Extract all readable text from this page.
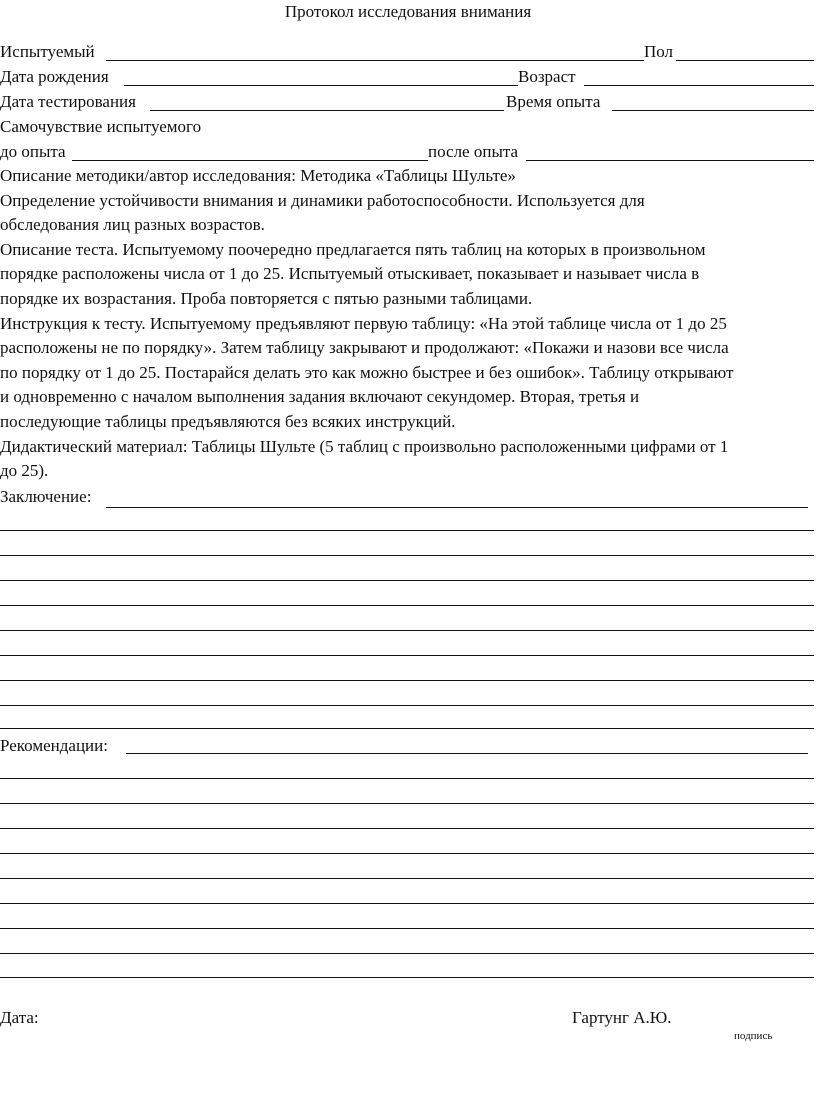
Протокол исследования внимания
Испытуемый	Пол
Дата рождения	Возраст
Дата тестирования	Время опыта
Самочувствие испытуемого
до опыта	после опыта
Описание методики/автор исследования: Методика «Таблицы Шульте»
Определение устойчивости внимания и динамики работоспособности. Используется для
обследования лиц разных возрастов.
Описание теста. Испытуемому поочередно предлагается пять таблиц на которых в произвольном
порядке расположены числа от 1 до 25. Испытуемый отыскивает, показывает и называет числа в
порядке их возрастания. Проба повторяется с пятью разными таблицами.
Инструкция к тесту. Испытуемому предъявляют первую таблицу: «На этой таблице числа от 1 до 25
расположены не по порядку». Затем таблицу закрывают и продолжают: «Покажи и назови все числа
по порядку от 1 до 25. Постарайся делать это как можно быстрее и без ошибок». Таблицу открывают
и одновременно с началом выполнения задания включают секундомер. Вторая, третья и
последующие таблицы предъявляются без всяких инструкций.
Дидактический материал: Таблицы Шульте (5 таблиц с произвольно расположенными цифрами от 1
до 25).
Заключение:
Рекомендации:
Дата:	Гартунг А.Ю.
подпись
